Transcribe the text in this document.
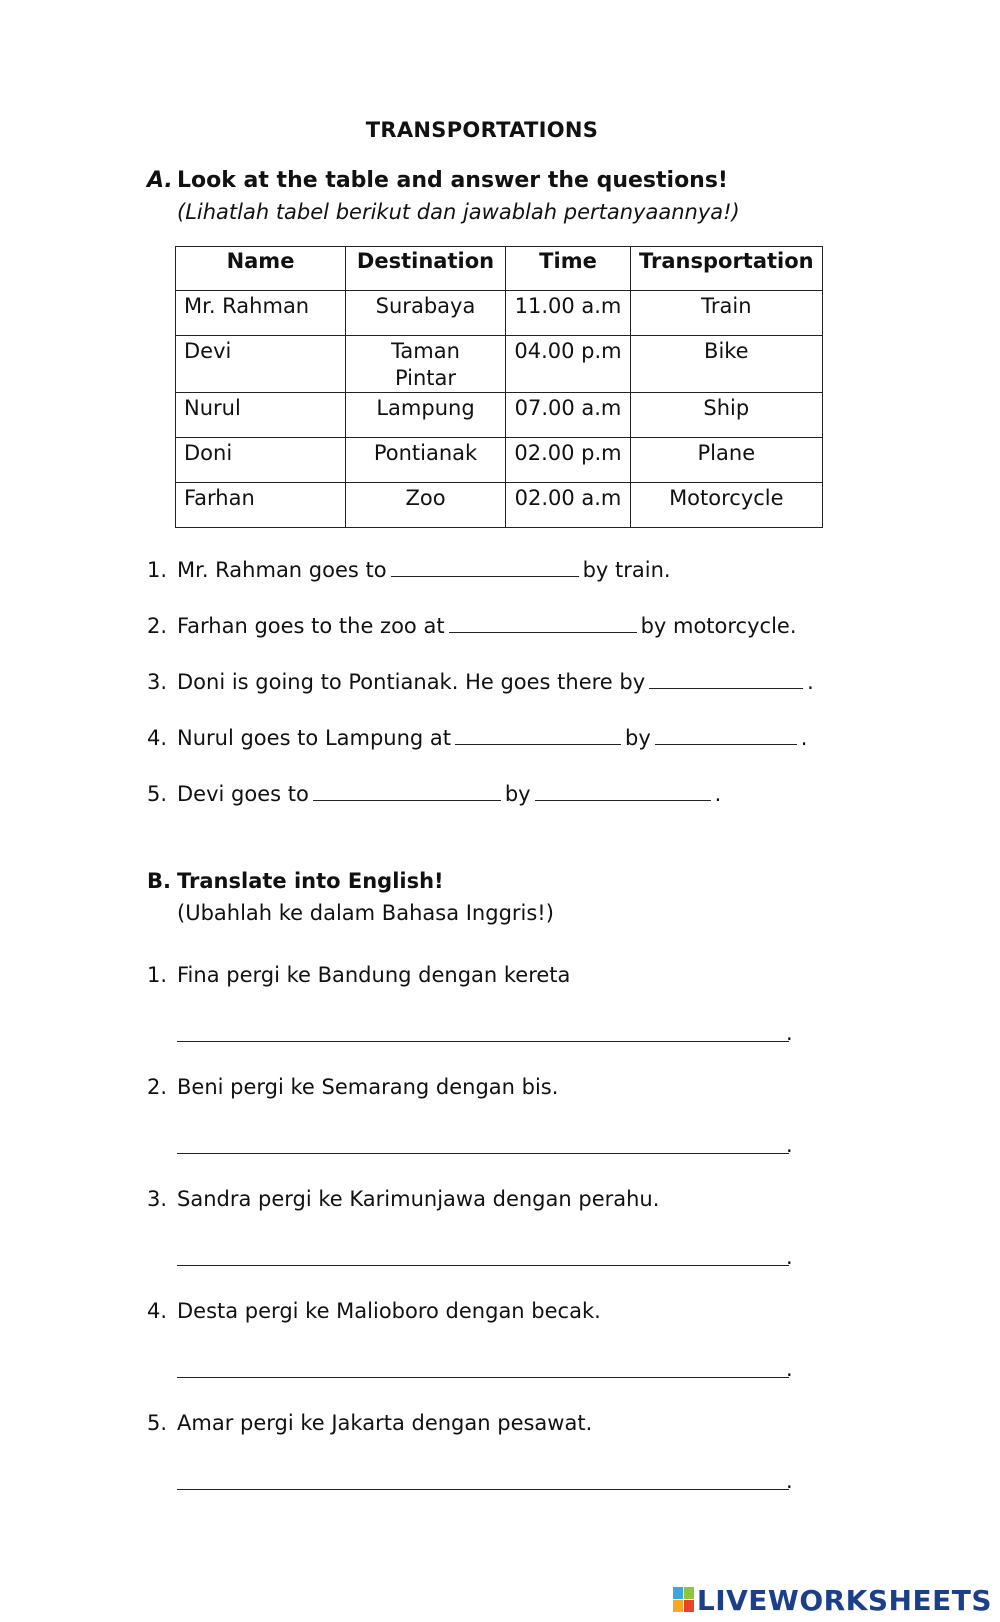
TRANSPORTATIONS
A. Look at the table and answer the questions!
(Lihatlah tabel berikut dan jawablah pertanyaannya!)
Name	Destination	Time	Transportation
Mr. Rahman	Surabaya	11.00 a.m	Train
Devi	Taman Pintar	04.00 p.m	Bike
Nurul	Lampung	07.00 a.m	Ship
Doni	Pontianak	02.00 p.m	Plane
Farhan	Zoo	02.00 a.m	Motorcycle
1. Mr. Rahman goes to	by train.
2. Farhan goes to the zoo at	by motorcycle.
3. Doni is going to Pontianak. He goes there by	.
4. Nurul goes to Lampung at	by	.
5. Devi goes to	by	.
B. Translate into English!
(Ubahlah ke dalam Bahasa Inggris!)
1. Fina pergi ke Bandung dengan kereta
.
2. Beni pergi ke Semarang dengan bis.
.
3. Sandra pergi ke Karimunjawa dengan perahu.
.
4. Desta pergi ke Malioboro dengan becak.
.
5. Amar pergi ke Jakarta dengan pesawat.
.
LIVEWORKSHEETS
